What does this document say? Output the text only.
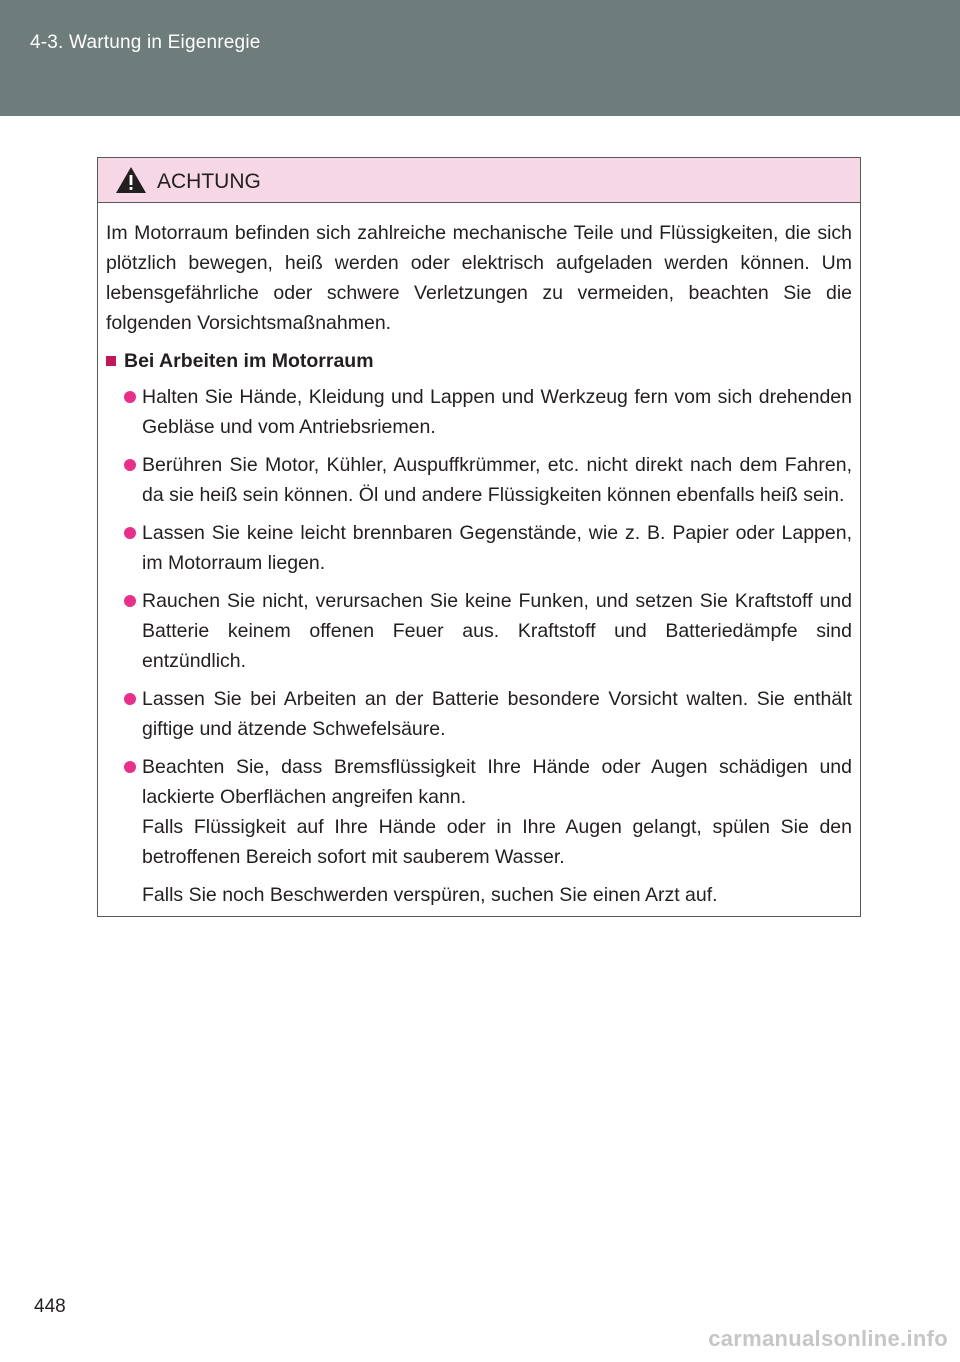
4-3. Wartung in Eigenregie
ACHTUNG

Im Motorraum befinden sich zahlreiche mechanische Teile und Flüssigkeiten, die sich plötzlich bewegen, heiß werden oder elektrisch aufgeladen werden können. Um lebensgefährliche oder schwere Verletzungen zu vermeiden, beachten Sie die folgenden Vorsichtsmaßnahmen.

Bei Arbeiten im Motorraum

Halten Sie Hände, Kleidung und Lappen und Werkzeug fern vom sich drehenden Gebläse und vom Antriebsriemen.

Berühren Sie Motor, Kühler, Auspuffkrümmer, etc. nicht direkt nach dem Fahren, da sie heiß sein können. Öl und andere Flüssigkeiten können ebenfalls heiß sein.

Lassen Sie keine leicht brennbaren Gegenstände, wie z. B. Papier oder Lappen, im Motorraum liegen.

Rauchen Sie nicht, verursachen Sie keine Funken, und setzen Sie Kraftstoff und Batterie keinem offenen Feuer aus. Kraftstoff und Batteriedämpfe sind entzündlich.

Lassen Sie bei Arbeiten an der Batterie besondere Vorsicht walten. Sie enthält giftige und ätzende Schwefelsäure.

Beachten Sie, dass Bremsflüssigkeit Ihre Hände oder Augen schädigen und lackierte Oberflächen angreifen kann.
Falls Flüssigkeit auf Ihre Hände oder in Ihre Augen gelangt, spülen Sie den betroffenen Bereich sofort mit sauberem Wasser.

Falls Sie noch Beschwerden verspüren, suchen Sie einen Arzt auf.

448
carmanualsonline.info
